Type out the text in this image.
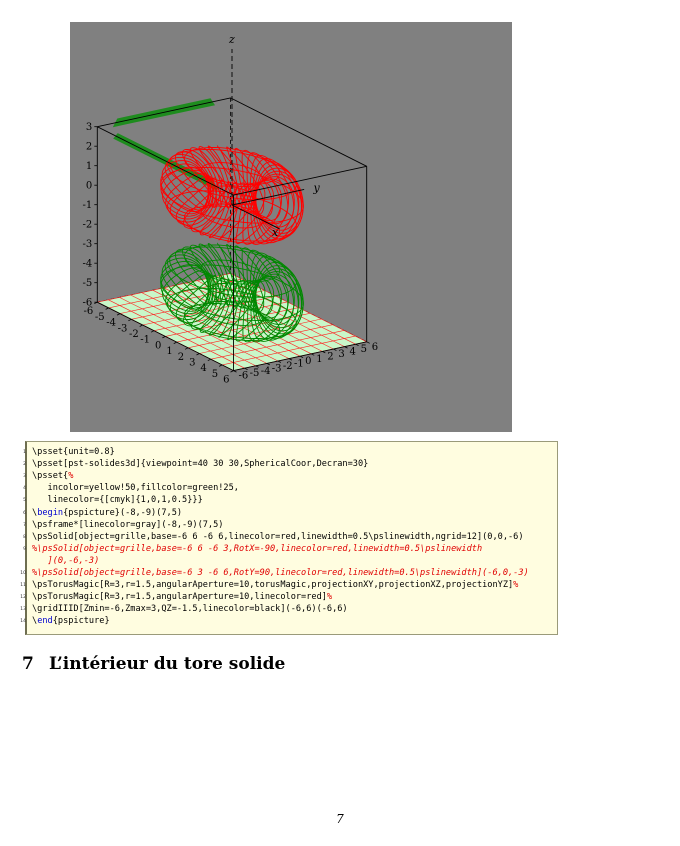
3
2
1
0
-1
-2
-3
-4
-5
-6
-6
-5
-4
-3
-2
-1
0
1
2
3
4
5
6 -6 -5 -4 -3 -2 -1 0 1 2 3 4 5 6
x
y
z
\psset{unit=0.8}
1
\psset[pst-solides3d]{viewpoint=40 30 30,SphericalCoor,Decran=30}
2
\psset{%
3
incolor=yellow!50,fillcolor=green!25,
4
linecolor={[cmyk]{1,0,1,0.5}}}
5
\begin{pspicture}(-8,-9)(7,5)
6
\psframe*[linecolor=gray](-8,-9)(7,5)
7
\psSolid[object=grille,base=-6 6 -6 6,linecolor=red,linewidth=0.5\pslinewidth,ngrid=12](0,0,-6)
8
%\psSolid[object=grille,base=-6 6 -6 3,RotX=-90,linecolor=red,linewidth=0.5\pslinewidth
9
](0,-6,-3)
%\psSolid[object=grille,base=-6 3 -6 6,RotY=90,linecolor=red,linewidth=0.5\pslinewidth](-6,0,-3)
10
\psTorusMagic[R=3,r=1.5,angularAperture=10,torusMagic,projectionXY,projectionXZ,projectionYZ]%
11
\psTorusMagic[R=3,r=1.5,angularAperture=10,linecolor=red]%
12
\gridIIID[Zmin=-6,Zmax=3,QZ=-1.5,linecolor=black](-6,6)(-6,6)
13
\end{pspicture}
14
7 L’intérieur du tore solide
7
